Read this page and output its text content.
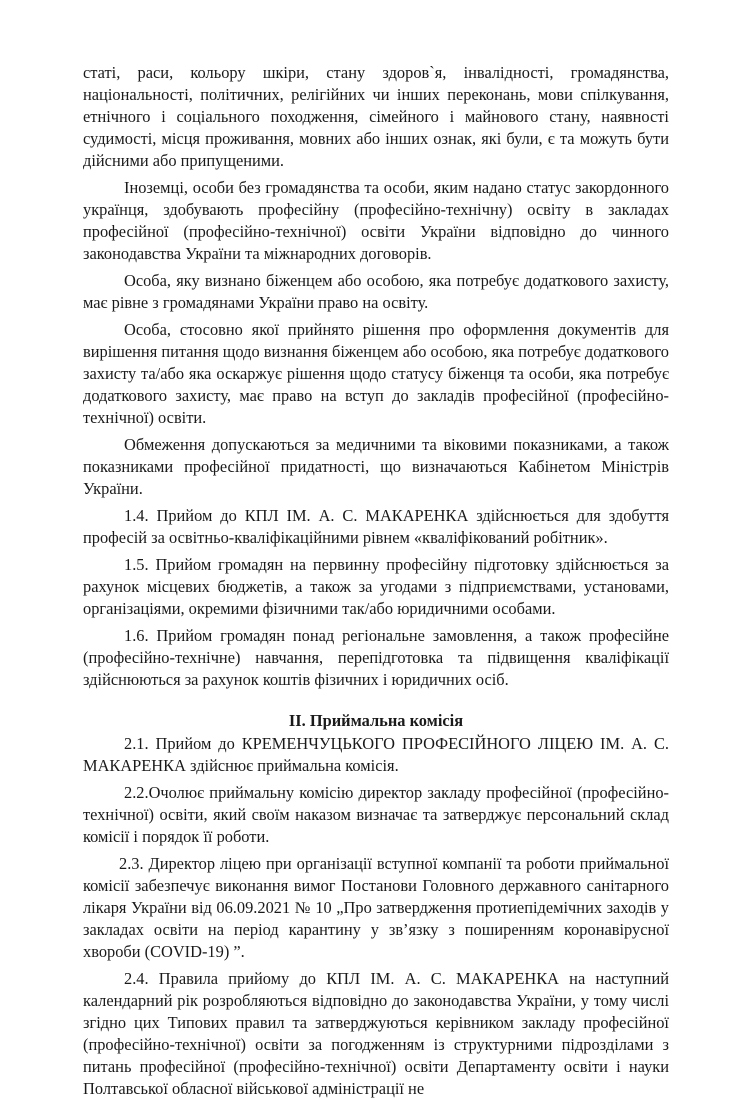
статі, раси, кольору шкіри, стану здоров`я, інвалідності, громадянства, національності, політичних, релігійних чи інших переконань, мови спілкування, етнічного і соціального походження, сімейного і майнового стану, наявності судимості, місця проживання, мовних або інших ознак, які були, є та можуть бути дійсними або припущеними.

Іноземці, особи без громадянства та особи, яким надано статус закордонного українця, здобувають професійну (професійно-технічну) освіту в закладах професійної (професійно-технічної) освіти України відповідно до чинного законодавства України та міжнародних договорів.

Особа, яку визнано біженцем або особою, яка потребує додаткового захисту, має рівне з громадянами України право на освіту.

Особа, стосовно якої прийнято рішення про оформлення документів для вирішення питання щодо визнання біженцем або особою, яка потребує додаткового захисту та/або яка оскаржує рішення щодо статусу біженця та особи, яка потребує додаткового захисту, має право на вступ до закладів професійної (професійно-технічної) освіти.

Обмеження допускаються за медичними та віковими показниками, а також показниками професійної придатності, що визначаються Кабінетом Міністрів України.

1.4. Прийом до КПЛ ІМ. А. С. МАКАРЕНКА здійснюється для здобуття професій за освітньо-кваліфікаційними рівнем «кваліфікований робітник».

1.5. Прийом громадян на первинну професійну підготовку здійснюється за рахунок місцевих бюджетів, а також за угодами з підприємствами, установами, організаціями, окремими фізичними так/або юридичними особами.

1.6. Прийом громадян понад регіональне замовлення, а також професійне (професійно-технічне) навчання, перепідготовка та підвищення кваліфікації здійснюються за рахунок коштів фізичних і юридичних осіб.

II. Приймальна комісія

2.1. Прийом до КРЕМЕНЧУЦЬКОГО ПРОФЕСІЙНОГО ЛІЦЕЮ ІМ. А. С. МАКАРЕНКА здійснює приймальна комісія.

2.2.Очолює приймальну комісію директор закладу професійної (професійно-технічної) освіти, який своїм наказом визначає та затверджує персональний склад комісії і порядок її роботи.

2.3. Директор ліцею при організації вступної компанії та роботи приймальної комісії забезпечує виконання вимог Постанови Головного державного санітарного лікаря України від 06.09.2021 № 10 „Про затвердження протиепідемічних заходів у закладах освіти на період карантину у зв’язку з поширенням коронавірусної хвороби (COVID-19) ”.

2.4. Правила прийому до КПЛ ІМ. А. С. МАКАРЕНКА на наступний календарний рік розробляються відповідно до законодавства України, у тому числі згідно цих Типових правил та затверджуються керівником закладу професійної (професійно-технічної) освіти за погодженням із структурними підрозділами з питань професійної (професійно-технічної) освіти Департаменту освіти і науки Полтавської обласної військової адміністрації не
